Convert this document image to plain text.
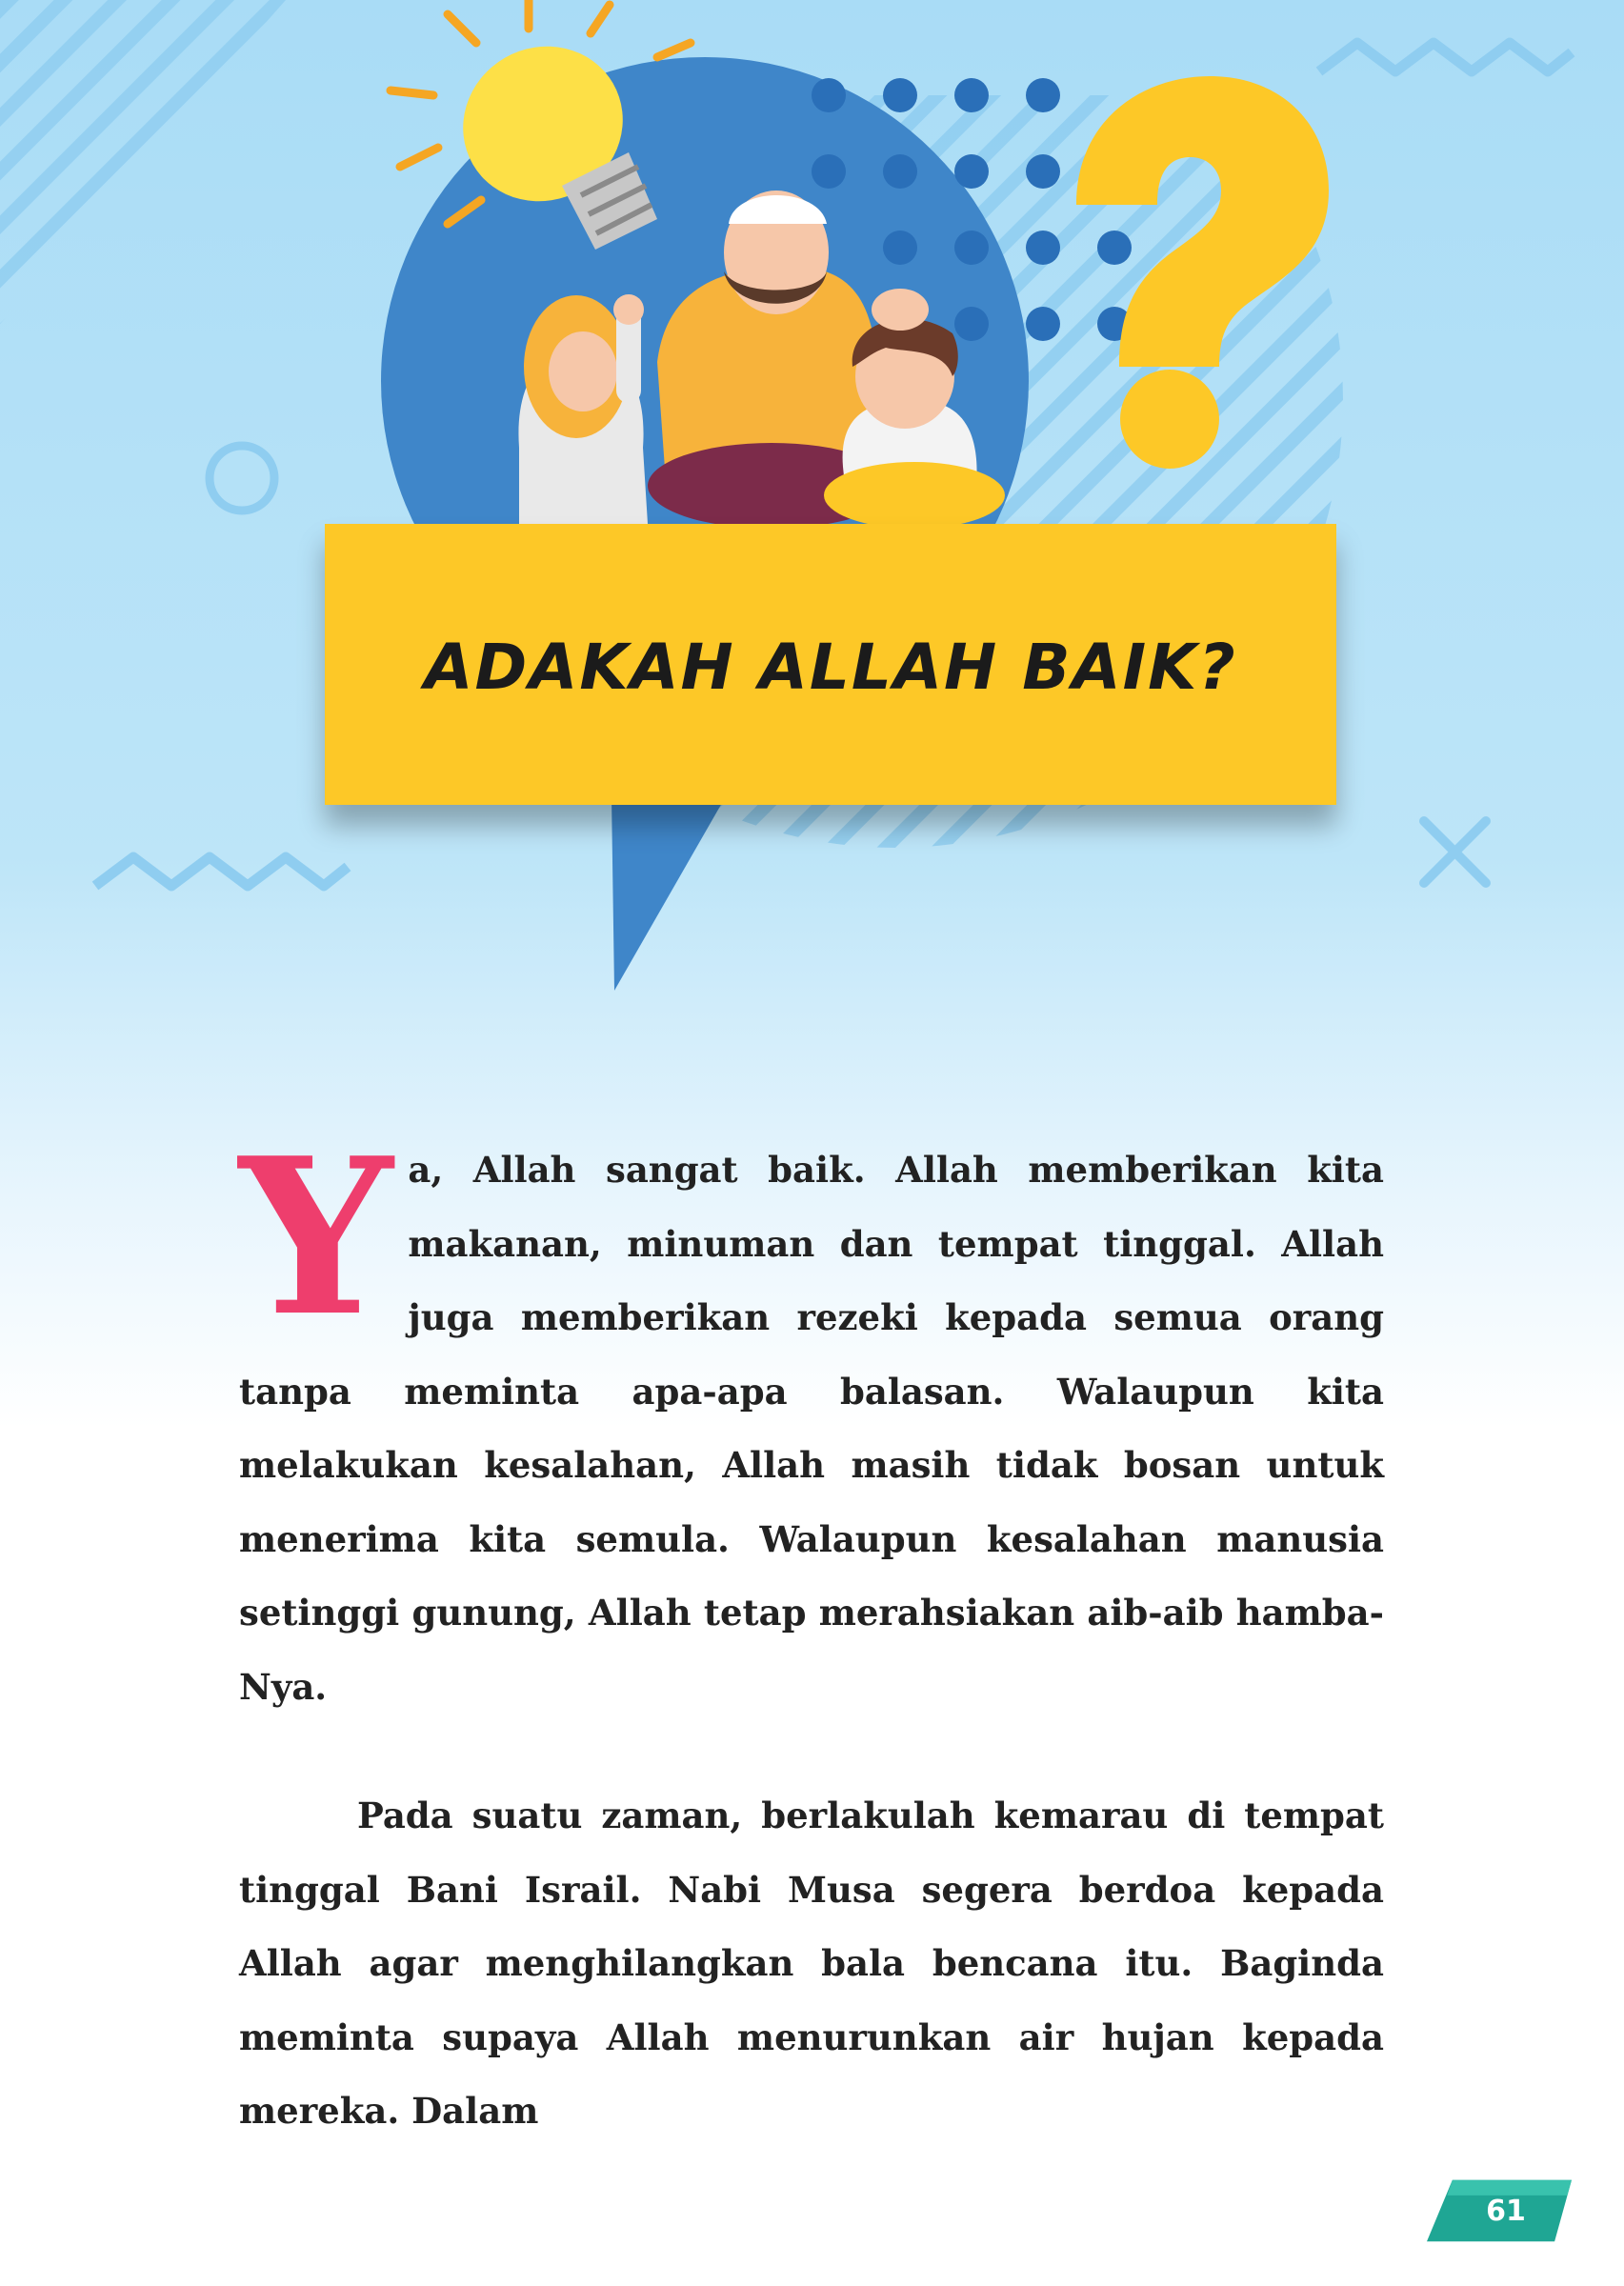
ADAKAH ALLAH BAIK?

Ya, Allah sangat baik. Allah memberikan kita makanan, minuman dan tempat tinggal. Allah juga memberikan rezeki kepada semua orang tanpa meminta apa-apa balasan. Walaupun kita melakukan kesalahan, Allah masih tidak bosan untuk menerima kita semula. Walaupun kesalahan manusia setinggi gunung, Allah tetap merahsiakan aib-aib hamba-Nya.

Pada suatu zaman, berlakulah kemarau di tempat tinggal Bani Israil. Nabi Musa segera berdoa kepada Allah agar menghilangkan bala bencana itu. Baginda meminta supaya Allah menurunkan air hujan kepada mereka. Dalam

61
